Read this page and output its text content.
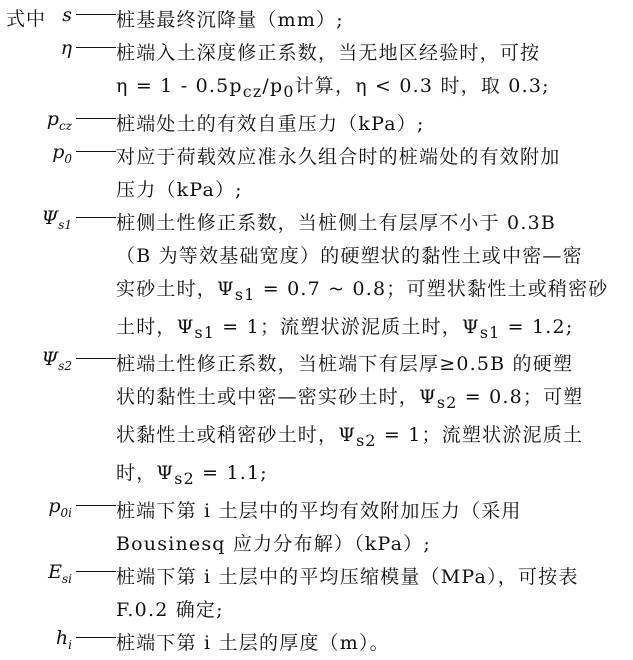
式中 s 桩基最终沉降量（mm）;
η 桩端入土深度修正系数，当无地区经验时，可按
$\eta = 1 - 0.5p_{cz}/p_0$计算，η < 0.3 时，取 0.3;
$p_{cz}$ 桩端处土的有效自重压力（kPa）;
$p_0$ 对应于荷载效应准永久组合时的桩端处的有效附加
压力（kPa）;
$\Psi_{s1}$ 桩侧土性修正系数，当桩侧土有层厚不小于 0.3B
（B 为等效基础宽度）的硬塑状的黏性土或中密—密
实砂土时，$\Psi_{s1} = 0.7$ ~ 0.8；可塑状黏性土或稍密砂
土时，$\Psi_{s1} = 1$；流塑状淤泥质土时，$\Psi_{s1} = 1.2$;
$\Psi_{s2}$ 桩端土性修正系数，当桩端下有层厚≥0.5B 的硬塑
状的黏性土或中密—密实砂土时，$\Psi_{s2} = 0.8$；可塑
状黏性土或稍密砂土时，$\Psi_{s2} = 1$；流塑状淤泥质土
时，$\Psi_{s2} = 1.1$;
$p_{0i}$ 桩端下第 i 土层中的平均有效附加压力（采用
Bousinesq 应力分布解）（kPa）;
$E_{si}$ 桩端下第 i 土层中的平均压缩模量（MPa），可按表
F.0.2 确定;
$h_i$ 桩端下第 i 土层的厚度（m）。
